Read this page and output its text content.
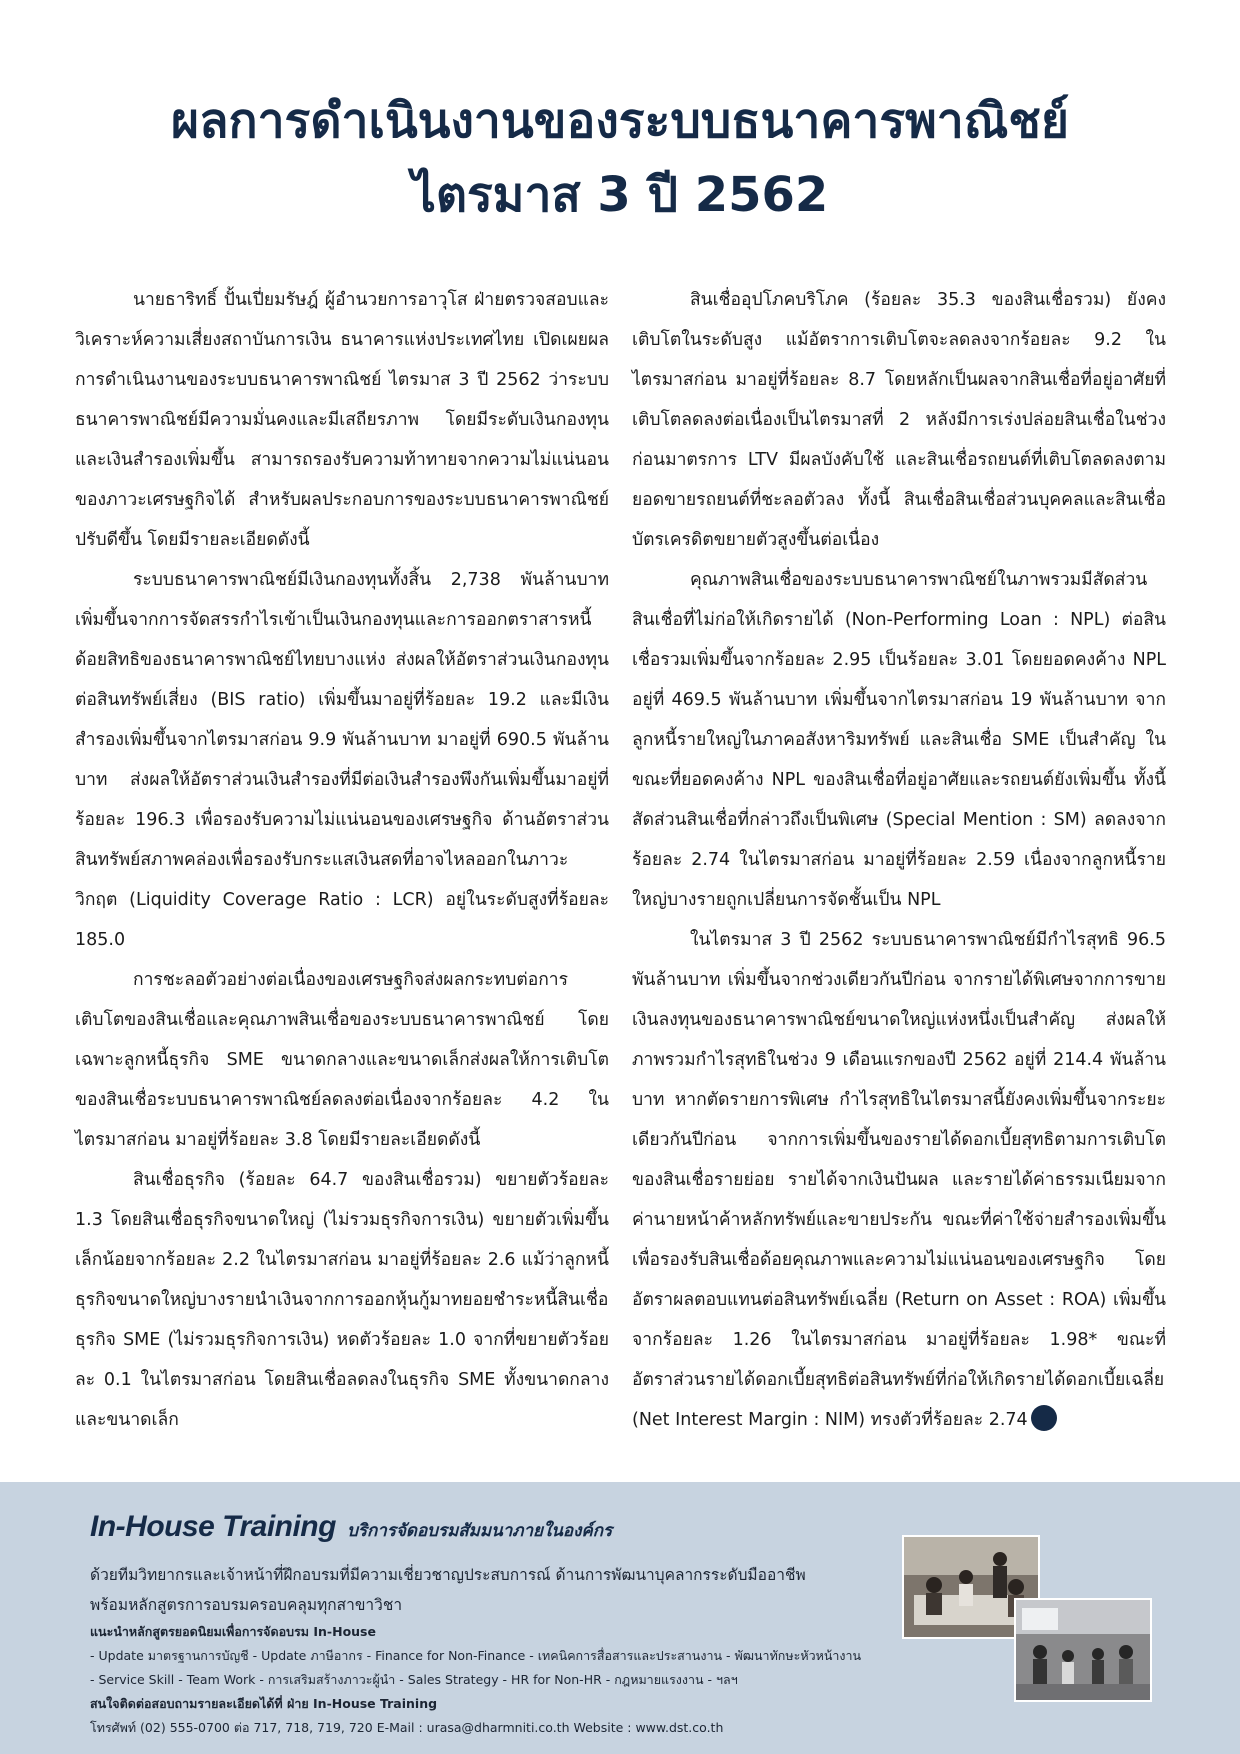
ผลการดำเนินงานของระบบธนาคารพาณิชย์
ไตรมาส 3 ปี 2562

นายธาริทธิ์ ปั้นเปี่ยมรัษฎ์ ผู้อำนวยการอาวุโส ฝ่ายตรวจสอบและวิเคราะห์ความเสี่ยงสถาบันการเงิน ธนาคารแห่งประเทศไทย เปิดเผยผลการดำเนินงานของระบบธนาคารพาณิชย์ ไตรมาส 3 ปี 2562 ว่าระบบธนาคารพาณิชย์มีความมั่นคงและมีเสถียรภาพ โดยมีระดับเงินกองทุนและเงินสำรองเพิ่มขึ้น สามารถรองรับความท้าทายจากความไม่แน่นอนของภาวะเศรษฐกิจได้ สำหรับผลประกอบการของระบบธนาคารพาณิชย์ปรับดีขึ้น โดยมีรายละเอียดดังนี้

ระบบธนาคารพาณิชย์มีเงินกองทุนทั้งสิ้น 2,738 พันล้านบาท เพิ่มขึ้นจากการจัดสรรกำไรเข้าเป็นเงินกองทุนและการออกตราสารหนี้ด้อยสิทธิของธนาคารพาณิชย์ไทยบางแห่ง ส่งผลให้อัตราส่วนเงินกองทุนต่อสินทรัพย์เสี่ยง (BIS ratio) เพิ่มขึ้นมาอยู่ที่ร้อยละ 19.2 และมีเงินสำรองเพิ่มขึ้นจากไตรมาสก่อน 9.9 พันล้านบาท มาอยู่ที่ 690.5 พันล้านบาท ส่งผลให้อัตราส่วนเงินสำรองที่มีต่อเงินสำรองพึงกันเพิ่มขึ้นมาอยู่ที่ร้อยละ 196.3 เพื่อรองรับความไม่แน่นอนของเศรษฐกิจ ด้านอัตราส่วนสินทรัพย์สภาพคล่องเพื่อรองรับกระแสเงินสดที่อาจไหลออกในภาวะวิกฤต (Liquidity Coverage Ratio : LCR) อยู่ในระดับสูงที่ร้อยละ 185.0

การชะลอตัวอย่างต่อเนื่องของเศรษฐกิจส่งผลกระทบต่อการเติบโตของสินเชื่อและคุณภาพสินเชื่อของระบบธนาคารพาณิชย์ โดยเฉพาะลูกหนี้ธุรกิจ SME ขนาดกลางและขนาดเล็กส่งผลให้การเติบโตของสินเชื่อระบบธนาคารพาณิชย์ลดลงต่อเนื่องจากร้อยละ 4.2 ในไตรมาสก่อน มาอยู่ที่ร้อยละ 3.8 โดยมีรายละเอียดดังนี้

สินเชื่อธุรกิจ (ร้อยละ 64.7 ของสินเชื่อรวม) ขยายตัวร้อยละ 1.3 โดยสินเชื่อธุรกิจขนาดใหญ่ (ไม่รวมธุรกิจการเงิน) ขยายตัวเพิ่มขึ้นเล็กน้อยจากร้อยละ 2.2 ในไตรมาสก่อน มาอยู่ที่ร้อยละ 2.6 แม้ว่าลูกหนี้ธุรกิจขนาดใหญ่บางรายนำเงินจากการออกหุ้นกู้มาทยอยชำระหนี้สินเชื่อธุรกิจ SME (ไม่รวมธุรกิจการเงิน) หดตัวร้อยละ 1.0 จากที่ขยายตัวร้อยละ 0.1 ในไตรมาสก่อน โดยสินเชื่อลดลงในธุรกิจ SME ทั้งขนาดกลางและขนาดเล็ก

สินเชื่ออุปโภคบริโภค (ร้อยละ 35.3 ของสินเชื่อรวม) ยังคงเติบโตในระดับสูง แม้อัตราการเติบโตจะลดลงจากร้อยละ 9.2 ในไตรมาสก่อน มาอยู่ที่ร้อยละ 8.7 โดยหลักเป็นผลจากสินเชื่อที่อยู่อาศัยที่เติบโตลดลงต่อเนื่องเป็นไตรมาสที่ 2 หลังมีการเร่งปล่อยสินเชื่อในช่วงก่อนมาตรการ LTV มีผลบังคับใช้ และสินเชื่อรถยนต์ที่เติบโตลดลงตามยอดขายรถยนต์ที่ชะลอตัวลง ทั้งนี้ สินเชื่อสินเชื่อส่วนบุคคลและสินเชื่อบัตรเครดิตขยายตัวสูงขึ้นต่อเนื่อง

คุณภาพสินเชื่อของระบบธนาคารพาณิชย์ในภาพรวมมีสัดส่วนสินเชื่อที่ไม่ก่อให้เกิดรายได้ (Non-Performing Loan : NPL) ต่อสินเชื่อรวมเพิ่มขึ้นจากร้อยละ 2.95 เป็นร้อยละ 3.01 โดยยอดคงค้าง NPL อยู่ที่ 469.5 พันล้านบาท เพิ่มขึ้นจากไตรมาสก่อน 19 พันล้านบาท จากลูกหนี้รายใหญ่ในภาคอสังหาริมทรัพย์ และสินเชื่อ SME เป็นสำคัญ ในขณะที่ยอดคงค้าง NPL ของสินเชื่อที่อยู่อาศัยและรถยนต์ยังเพิ่มขึ้น ทั้งนี้สัดส่วนสินเชื่อที่กล่าวถึงเป็นพิเศษ (Special Mention : SM) ลดลงจากร้อยละ 2.74 ในไตรมาสก่อน มาอยู่ที่ร้อยละ 2.59 เนื่องจากลูกหนี้รายใหญ่บางรายถูกเปลี่ยนการจัดชั้นเป็น NPL

ในไตรมาส 3 ปี 2562 ระบบธนาคารพาณิชย์มีกำไรสุทธิ 96.5 พันล้านบาท เพิ่มขึ้นจากช่วงเดียวกันปีก่อน จากรายได้พิเศษจากการขายเงินลงทุนของธนาคารพาณิชย์ขนาดใหญ่แห่งหนึ่งเป็นสำคัญ ส่งผลให้ภาพรวมกำไรสุทธิในช่วง 9 เดือนแรกของปี 2562 อยู่ที่ 214.4 พันล้านบาท หากตัดรายการพิเศษ กำไรสุทธิในไตรมาสนี้ยังคงเพิ่มขึ้นจากระยะเดียวกันปีก่อน จากการเพิ่มขึ้นของรายได้ดอกเบี้ยสุทธิตามการเติบโตของสินเชื่อรายย่อย รายได้จากเงินปันผล และรายได้ค่าธรรมเนียมจากค่านายหน้าค้าหลักทรัพย์และขายประกัน ขณะที่ค่าใช้จ่ายสำรองเพิ่มขึ้นเพื่อรองรับสินเชื่อด้อยคุณภาพและความไม่แน่นอนของเศรษฐกิจ โดยอัตราผลตอบแทนต่อสินทรัพย์เฉลี่ย (Return on Asset : ROA) เพิ่มขึ้นจากร้อยละ 1.26 ในไตรมาสก่อน มาอยู่ที่ร้อยละ 1.98* ขณะที่อัตราส่วนรายได้ดอกเบี้ยสุทธิต่อสินทรัพย์ที่ก่อให้เกิดรายได้ดอกเบี้ยเฉลี่ย (Net Interest Margin : NIM) ทรงตัวที่ร้อยละ 2.74

In-House Training บริการจัดอบรมสัมมนาภายในองค์กร
ด้วยทีมวิทยากรและเจ้าหน้าที่ฝึกอบรมที่มีความเชี่ยวชาญประสบการณ์ ด้านการพัฒนาบุคลากรระดับมืออาชีพ
พร้อมหลักสูตรการอบรมครอบคลุมทุกสาขาวิชา
แนะนำหลักสูตรยอดนิยมเพื่อการจัดอบรม In-House
- Update มาตรฐานการบัญชี - Update ภาษีอากร - Finance for Non-Finance - เทคนิคการสื่อสารและประสานงาน - พัฒนาทักษะหัวหน้างาน
- Service Skill - Team Work - การเสริมสร้างภาวะผู้นำ - Sales Strategy - HR for Non-HR - กฎหมายแรงงาน - ฯลฯ
สนใจติดต่อสอบถามรายละเอียดได้ที่ ฝ่าย In-House Training
โทรศัพท์ (02) 555-0700 ต่อ 717, 718, 719, 720 E-Mail : urasa@dharmniti.co.th Website : www.dst.co.th
